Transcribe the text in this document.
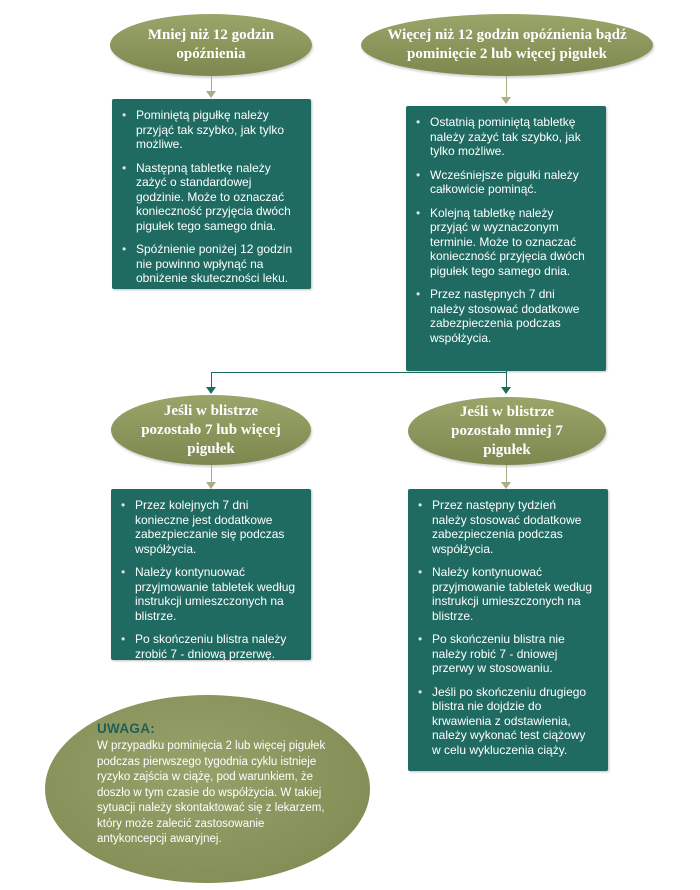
Mniej niż 12 godzin opóźnienia
Więcej niż 12 godzin opóźnienia bądź pominięcie 2 lub więcej pigułek
• Pominiętą pigułkę należy przyjąć tak szybko, jak tylko możliwe.
• Następną tabletkę należy zażyć o standardowej godzinie. Może to oznaczać konieczność przyjęcia dwóch pigułek tego samego dnia.
• Spóźnienie poniżej 12 godzin nie powinno wpłynąć na obniżenie skuteczności leku.
• Ostatnią pominiętą tabletkę należy zażyć tak szybko, jak tylko możliwe.
• Wcześniejsze pigułki należy całkowicie pominąć.
• Kolejną tabletkę należy przyjąć w wyznaczonym terminie. Może to oznaczać konieczność przyjęcia dwóch pigułek tego samego dnia.
• Przez następnych 7 dni należy stosować dodatkowe zabezpieczenia podczas współżycia.
Jeśli w blistrze pozostało 7 lub więcej pigułek
Jeśli w blistrze pozostało mniej 7 pigułek
• Przez kolejnych 7 dni konieczne jest dodatkowe zabezpieczanie się podczas współżycia.
• Należy kontynuować przyjmowanie tabletek według instrukcji umieszczonych na blistrze.
• Po skończeniu blistra należy zrobić 7 - dniową przerwę.
• Przez następny tydzień należy stosować dodatkowe zabezpieczenia podczas współżycia.
• Należy kontynuować przyjmowanie tabletek według instrukcji umieszczonych na blistrze.
• Po skończeniu blistra nie należy robić 7 - dniowej przerwy w stosowaniu.
• Jeśli po skończeniu drugiego blistra nie dojdzie do krwawienia z odstawienia, należy wykonać test ciążowy w celu wykluczenia ciąży.
UWAGA:
W przypadku pominięcia 2 lub więcej pigułek podczas pierwszego tygodnia cyklu istnieje ryzyko zajścia w ciążę, pod warunkiem, że doszło w tym czasie do współżycia. W takiej sytuacji należy skontaktować się z lekarzem, który może zalecić zastosowanie antykoncepcji awaryjnej.
